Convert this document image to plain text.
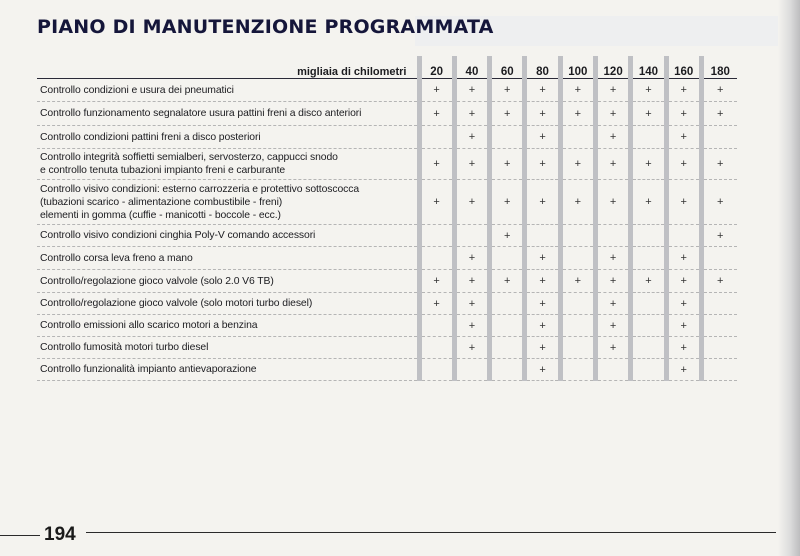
PIANO DI MANUTENZIONE PROGRAMMATA
migliaia di chilometri	20	40	60	80	100	120	140	160	180

Controllo condizioni e usura dei pneumatici	+	+	+	+	+	+	+	+	+

Controllo funzionamento segnalatore usura pattini freni a disco anteriori	+	+	+	+	+	+	+	+	+

Controllo condizioni pattini freni a disco posteriori		+		+		+		+	

Controllo integrità soffietti semialberi, servosterzo, cappucci snodo
e controllo tenuta tubazioni impianto freni e carburante	+	+	+	+	+	+	+	+	+

Controllo visivo condizioni: esterno carrozzeria e protettivo sottoscocca
(tubazioni scarico - alimentazione combustibile - freni)
elementi in gomma (cuffie - manicotti - boccole - ecc.)	+	+	+	+	+	+	+	+	+

Controllo visivo condizioni cinghia Poly-V comando accessori			+						+

Controllo corsa leva freno a mano		+		+		+		+	

Controllo/regolazione gioco valvole (solo 2.0 V6 TB)	+	+	+	+	+	+	+	+	+

Controllo/regolazione gioco valvole (solo motori turbo diesel)	+	+		+		+		+	

Controllo emissioni allo scarico motori a benzina		+		+		+		+	

Controllo fumosità motori turbo diesel		+		+		+		+	

Controllo funzionalità impianto antievaporazione				+				+	
194
